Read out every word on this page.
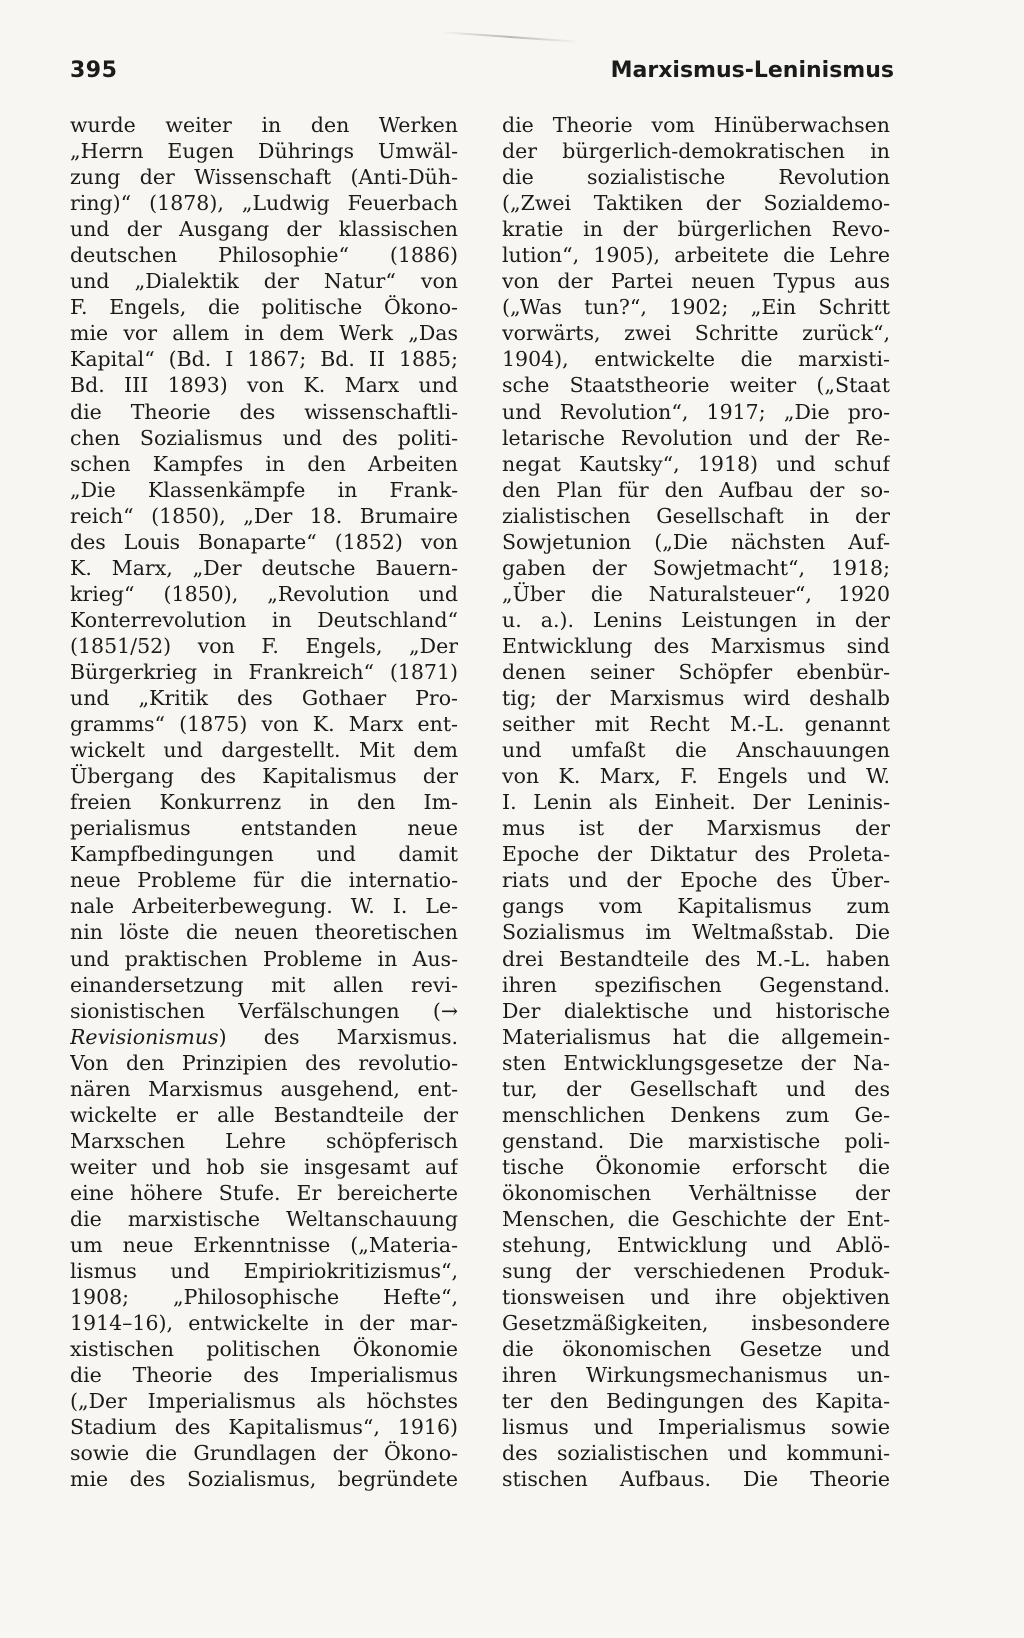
395	Marxismus-Leninismus
wurde weiter in den Werken
„Herrn Eugen Dührings Umwäl-
zung der Wissenschaft (Anti-Düh-
ring)“ (1878), „Ludwig Feuerbach
und der Ausgang der klassischen
deutschen Philosophie“ (1886)
und „Dialektik der Natur“ von
F. Engels, die politische Ökono-
mie vor allem in dem Werk „Das
Kapital“ (Bd. I 1867; Bd. II 1885;
Bd. III 1893) von K. Marx und
die Theorie des wissenschaftli-
chen Sozialismus und des politi-
schen Kampfes in den Arbeiten
„Die Klassenkämpfe in Frank-
reich“ (1850), „Der 18. Brumaire
des Louis Bonaparte“ (1852) von
K. Marx, „Der deutsche Bauern-
krieg“ (1850), „Revolution und
Konterrevolution in Deutschland“
(1851/52) von F. Engels, „Der
Bürgerkrieg in Frankreich“ (1871)
und „Kritik des Gothaer Pro-
gramms“ (1875) von K. Marx ent-
wickelt und dargestellt. Mit dem
Übergang des Kapitalismus der
freien Konkurrenz in den Im-
perialismus entstanden neue
Kampfbedingungen und damit
neue Probleme für die internatio-
nale Arbeiterbewegung. W. I. Le-
nin löste die neuen theoretischen
und praktischen Probleme in Aus-
einandersetzung mit allen revi-
sionistischen Verfälschungen (→
Revisionismus) des Marxismus.
Von den Prinzipien des revolutio-
nären Marxismus ausgehend, ent-
wickelte er alle Bestandteile der
Marxschen Lehre schöpferisch
weiter und hob sie insgesamt auf
eine höhere Stufe. Er bereicherte
die marxistische Weltanschauung
um neue Erkenntnisse („Materia-
lismus und Empiriokritizismus“,
1908; „Philosophische Hefte“,
1914–16), entwickelte in der mar-
xistischen politischen Ökonomie
die Theorie des Imperialismus
(„Der Imperialismus als höchstes
Stadium des Kapitalismus“, 1916)
sowie die Grundlagen der Ökono-
mie des Sozialismus, begründete
die Theorie vom Hinüberwachsen
der bürgerlich-demokratischen in
die sozialistische Revolution
(„Zwei Taktiken der Sozialdemo-
kratie in der bürgerlichen Revo-
lution“, 1905), arbeitete die Lehre
von der Partei neuen Typus aus
(„Was tun?“, 1902; „Ein Schritt
vorwärts, zwei Schritte zurück“,
1904), entwickelte die marxisti-
sche Staatstheorie weiter („Staat
und Revolution“, 1917; „Die pro-
letarische Revolution und der Re-
negat Kautsky“, 1918) und schuf
den Plan für den Aufbau der so-
zialistischen Gesellschaft in der
Sowjetunion („Die nächsten Auf-
gaben der Sowjetmacht“, 1918;
„Über die Naturalsteuer“, 1920
u. a.). Lenins Leistungen in der
Entwicklung des Marxismus sind
denen seiner Schöpfer ebenbür-
tig; der Marxismus wird deshalb
seither mit Recht M.-L. genannt
und umfaßt die Anschauungen
von K. Marx, F. Engels und W.
I. Lenin als Einheit. Der Leninis-
mus ist der Marxismus der
Epoche der Diktatur des Proleta-
riats und der Epoche des Über-
gangs vom Kapitalismus zum
Sozialismus im Weltmaßstab. Die
drei Bestandteile des M.-L. haben
ihren spezifischen Gegenstand.
Der dialektische und historische
Materialismus hat die allgemein-
sten Entwicklungsgesetze der Na-
tur, der Gesellschaft und des
menschlichen Denkens zum Ge-
genstand. Die marxistische poli-
tische Ökonomie erforscht die
ökonomischen Verhältnisse der
Menschen, die Geschichte der Ent-
stehung, Entwicklung und Ablö-
sung der verschiedenen Produk-
tionsweisen und ihre objektiven
Gesetzmäßigkeiten, insbesondere
die ökonomischen Gesetze und
ihren Wirkungsmechanismus un-
ter den Bedingungen des Kapita-
lismus und Imperialismus sowie
des sozialistischen und kommuni-
stischen Aufbaus. Die Theorie
